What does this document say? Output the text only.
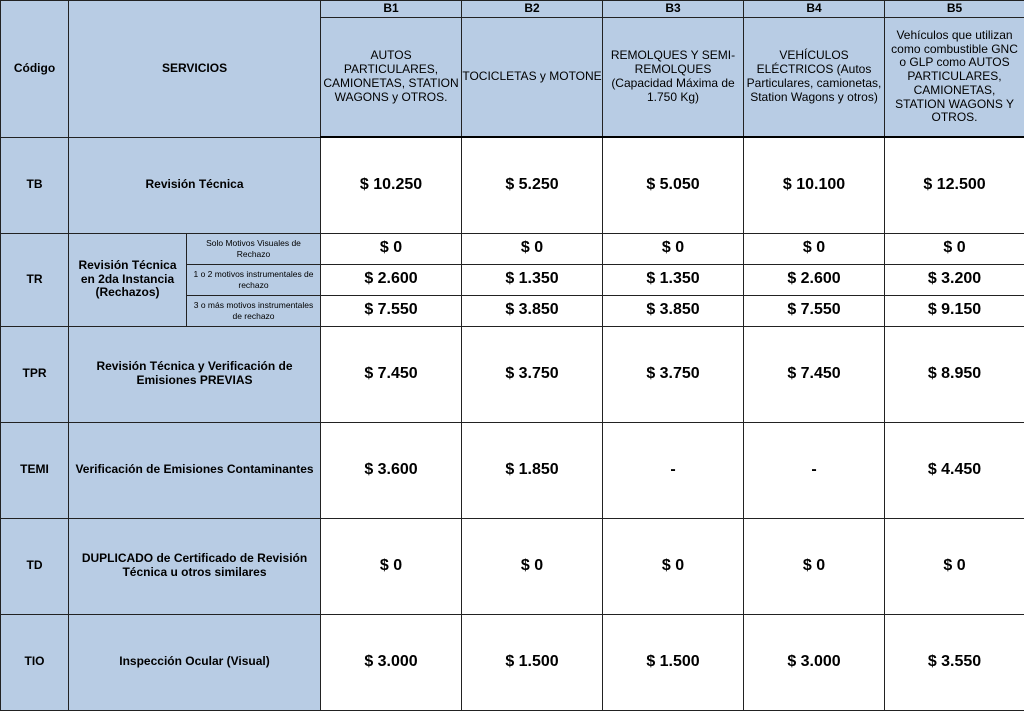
Código	SERVICIOS		B1	B2	B3	B4	B5
			AUTOS PARTICULARES, CAMIONETAS, STATION WAGONS y OTROS.	TOCICLETAS y MOTONE	REMOLQUES Y SEMI-REMOLQUES (Capacidad Máxima de 1.750 Kg)	VEHÍCULOS ELÉCTRICOS (Autos Particulares, camionetas, Station Wagons y otros)	Vehículos que utilizan como combustible GNC o GLP como AUTOS PARTICULARES, CAMIONETAS, STATION WAGONS Y OTROS.
TB	Revisión Técnica		$ 10.250	$ 5.250	$ 5.050	$ 10.100	$ 12.500
TR	Revisión Técnica en 2da Instancia (Rechazos)	Solo Motivos Visuales de Rechazo	$ 0	$ 0	$ 0	$ 0	$ 0
		1 o 2 motivos instrumentales de rechazo	$ 2.600	$ 1.350	$ 1.350	$ 2.600	$ 3.200
		3 o más motivos instrumentales de rechazo	$ 7.550	$ 3.850	$ 3.850	$ 7.550	$ 9.150
TPR	Revisión Técnica y Verificación de Emisiones PREVIAS		$ 7.450	$ 3.750	$ 3.750	$ 7.450	$ 8.950
TEMI	Verificación de Emisiones Contaminantes		$ 3.600	$ 1.850	-	-	$ 4.450
TD	DUPLICADO de Certificado de Revisión Técnica u otros similares		$ 0	$ 0	$ 0	$ 0	$ 0
TIO	Inspección Ocular (Visual)		$ 3.000	$ 1.500	$ 1.500	$ 3.000	$ 3.550
